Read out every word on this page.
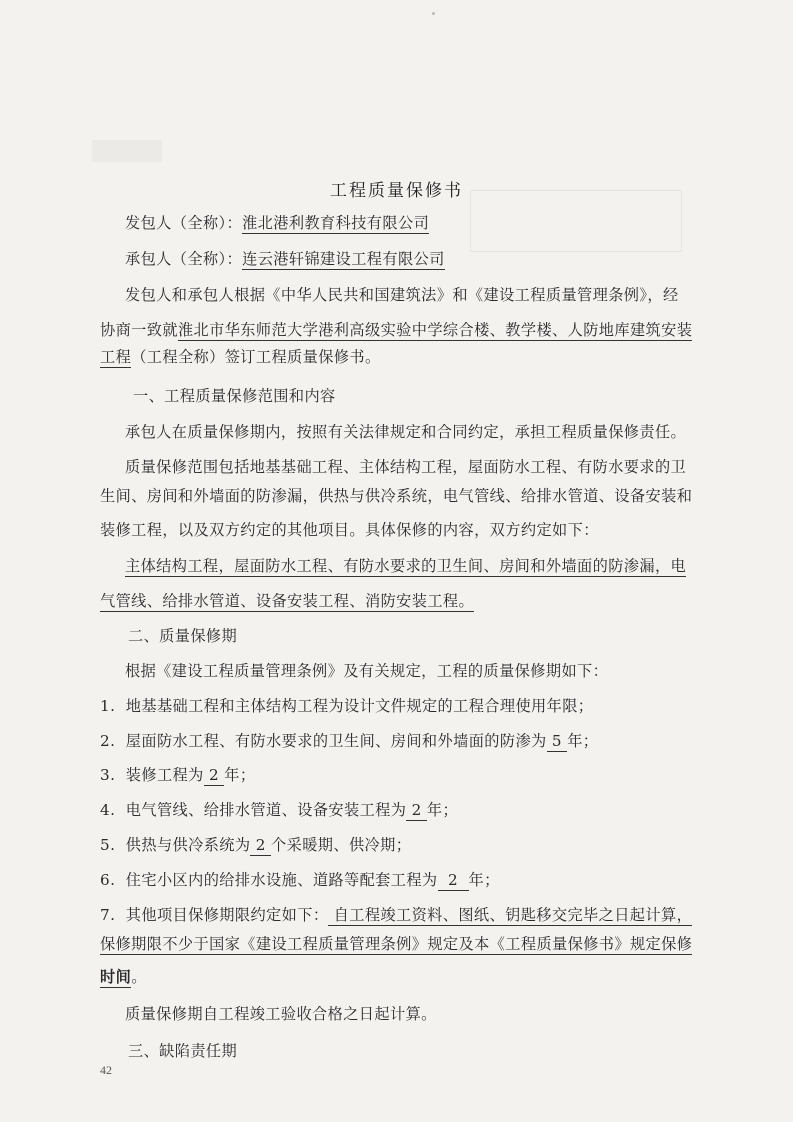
工程质量保修书
发包人（全称）：淮北港利教育科技有限公司
承包人（全称）：连云港轩锦建设工程有限公司
发包人和承包人根据《中华人民共和国建筑法》和《建设工程质量管理条例》，经
协商一致就淮北市华东师范大学港利高级实验中学综合楼、教学楼、人防地库建筑安装
工程（工程全称）签订工程质量保修书。
一、工程质量保修范围和内容
承包人在质量保修期内，按照有关法律规定和合同约定，承担工程质量保修责任。
质量保修范围包括地基基础工程、主体结构工程，屋面防水工程、有防水要求的卫
生间、房间和外墙面的防渗漏，供热与供冷系统，电气管线、给排水管道、设备安装和
装修工程，以及双方约定的其他项目。具体保修的内容，双方约定如下：
主体结构工程，屋面防水工程、有防水要求的卫生间、房间和外墙面的防渗漏，电
气管线、给排水管道、设备安装工程、消防安装工程。
二、质量保修期
根据《建设工程质量管理条例》及有关规定，工程的质量保修期如下：
1. 地基基础工程和主体结构工程为设计文件规定的工程合理使用年限；
2. 屋面防水工程、有防水要求的卫生间、房间和外墙面的防渗为 5 年；
3. 装修工程为 2 年；
4. 电气管线、给排水管道、设备安装工程为 2 年；
5. 供热与供冷系统为 2 个采暖期、供冷期；
6. 住宅小区内的给排水设施、道路等配套工程为 2 年；
7. 其他项目保修期限约定如下： 自工程竣工资料、图纸、钥匙移交完毕之日起计算，
保修期限不少于国家《建设工程质量管理条例》规定及本《工程质量保修书》规定保修
时间。
质量保修期自工程竣工验收合格之日起计算。
三、缺陷责任期
42
